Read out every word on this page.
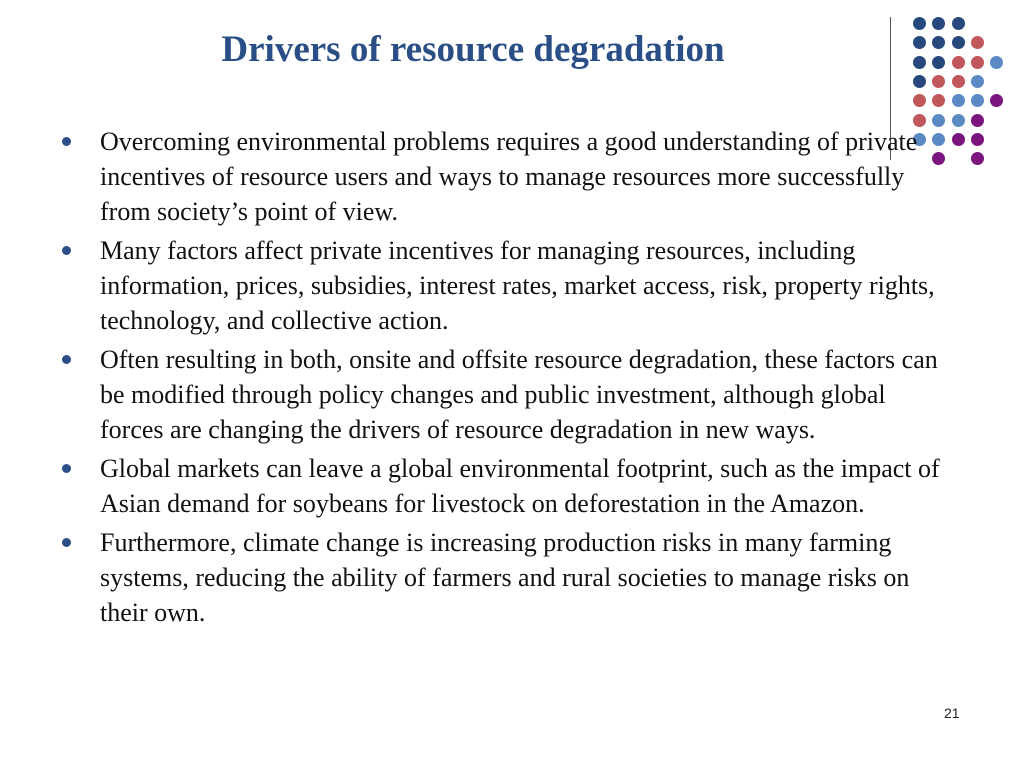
Drivers of resource degradation
Overcoming environmental problems requires a good understanding of private incentives of resource users and ways to manage resources more successfully from society’s point of view.
Many factors affect private incentives for managing resources, including information, prices, subsidies, interest rates, market access, risk, property rights, technology, and collective action.
Often resulting in both, onsite and offsite resource degradation, these factors can be modified through policy changes and public investment, although global forces are changing the drivers of resource degradation in new ways.
Global markets can leave a global environmental footprint, such as the impact of Asian demand for soybeans for livestock on deforestation in the Amazon.
Furthermore, climate change is increasing production risks in many farming systems, reducing the ability of farmers and rural societies to manage risks on their own.
21
